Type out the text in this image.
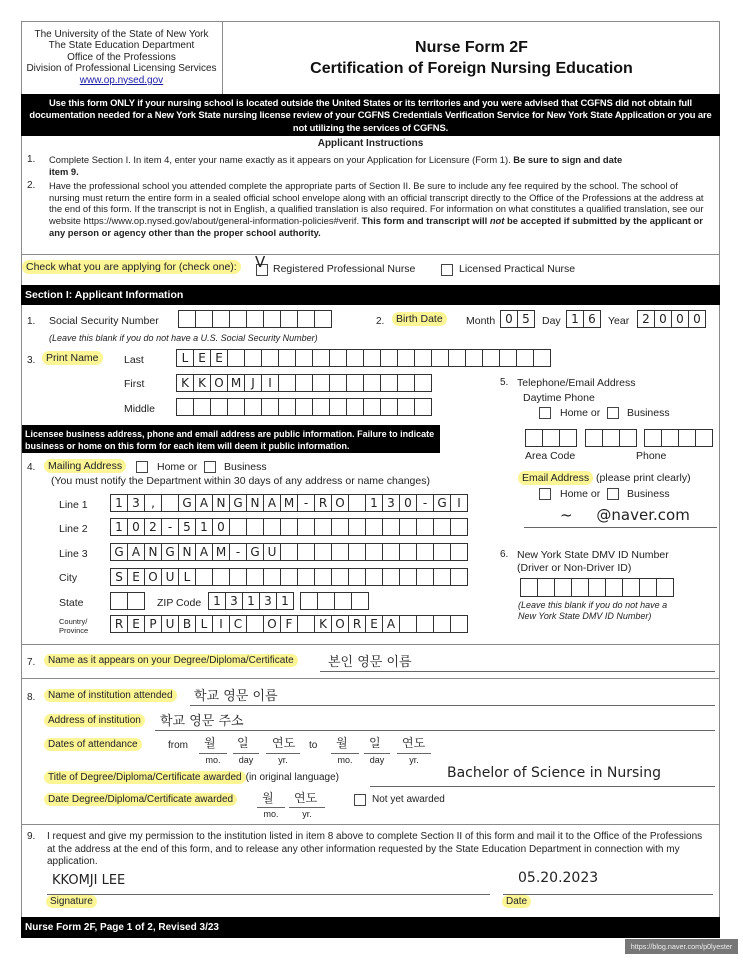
The University of the State of New York
The State Education Department
Office of the Professions
Division of Professional Licensing Services
www.op.nysed.gov
Nurse Form 2F
Certification of Foreign Nursing Education
Use this form ONLY if your nursing school is located outside the United States or its territories and you were advised that CGFNS did not obtain full documentation needed for a New York State nursing license review of your CGFNS Credentials Verification Service for New York State Application or you are not utilizing the services of CGFNS.
Applicant Instructions
1. Complete Section I. In item 4, enter your name exactly as it appears on your Application for Licensure (Form 1). Be sure to sign and date item 9.
2. Have the professional school you attended complete the appropriate parts of Section II. Be sure to include any fee required by the school. The school of nursing must return the entire form in a sealed official school envelope along with an official transcript directly to the Office of the Professions at the address at the end of this form. If the transcript is not in English, a qualified translation is also required. For information on what constitutes a qualified translation, see our website https://www.op.nysed.gov/about/general-information-policies#verif. This form and transcript will not be accepted if submitted by the applicant or any person or agency other than the proper school authority.
Check what you are applying for (check one): V Registered Professional Nurse	Licensed Practical Nurse
Section I: Applicant Information
1. Social Security Number
(Leave this blank if you do not have a U.S. Social Security Number)
2.	Birth Date	Month 0 5	Day 1 6	Year	2 0 0 0
3.	Print Name	Last	L E E
First	K K O M J	I
Middle
Licensee business address, phone and email address are public information. Failure to indicate business or home on this form for each item will deem it public information.
5. Telephone/Email Address
Daytime Phone
Home or	Business
Area Code	Phone
Email Address (please print clearly)
Home or	Business
~     @naver.com
6. New York State DMV ID Number
(Driver or Non-Driver ID)
(Leave this blank if you do not have a
New York State DMV ID Number)
4.	Mailing Address	Home or	Business
(You must notify the Department within 30 days of any address or name changes)
Line 1	1 3 ,	G A N G N A M - R O	1 3 0 - G I
Line 2	1 0 2 - 5 1 0
Line 3 G A N G N A M - G U
City	S E O U L
State	ZIP Code	1 3 1 3 1
Country/
Province	R E P U B L I C	O F	K O R E A
7.	Name as it appears on your Degree/Diploma/Certificate	본인 영문 이름
8.	Name of institution attended	학교 영문 이름
Address of institution	학교 영문 주소
Dates of attendance	from 월 일 연도
mo.	day	yr.
to 월 일 연도
mo.	day	yr.
Title of Degree/Diploma/Certificate awarded (in original language)	Bachelor of Science in Nursing
Date Degree/Diploma/Certificate awarded	월 연도
mo.	yr.
Not yet awarded
9. I request and give my permission to the institution listed in item 8 above to complete Section II of this form and mail it to the Office of the Professions at the address at the end of this form, and to release any other information requested by the State Education Department in connection with my application.
KKOMJI LEE
Signature
05.20.2023
Date
Nurse Form 2F, Page 1 of 2, Revised 3/23
https://blog.naver.com/p0lyester
